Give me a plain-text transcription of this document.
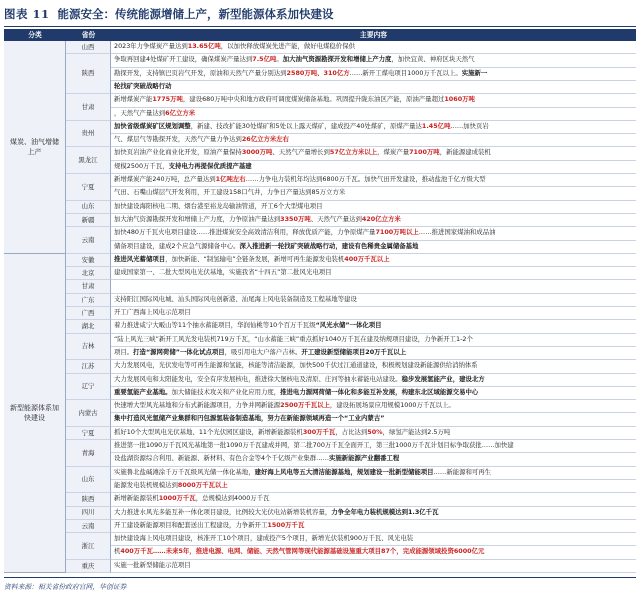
图表 11 能源安全：传统能源增储上产，新型能源体系加快建设
分类	省份	主要内容
煤炭、油气增储上产
新型能源体系加快建设
山西
陕西
甘肃
贵州
黑龙江
宁夏
山东
新疆
云南
安徽
北京
甘肃
广东
广西
湖北
吉林
江苏
辽宁
内蒙古
宁夏
青海
山东
陕西
四川
云南
浙江
重庆
2023年力争煤炭产量达到13.65亿吨，以加快释放煤炭先进产能，做好电煤稳价保供
争取再回建4处煤矿开工建设，确保煤炭产量达到7.5亿吨。加大油气资源勘探开发和增储上产力度，加快宜黄、神府区块天然气
勘探开发，支持镇巴页岩气开发，原油和天然气产量分别达到2580万吨、310亿方……新开工煤电项目1000万千瓦以上。实施新一
轮找矿突破战略行动
新增煤炭产能1775万吨，建设680万吨中央和地方政府可调度煤炭储备基地。巩固提升陇东油区产能，原油产量超过1060万吨
，天然气产量达到6亿立方米
加快省级煤炭矿区规划调整，新建、技改扩能30处煤矿和5处以上露天煤矿，建成投产40处煤矿，原煤产量达1.45亿吨……加快页岩
气、煤层气等勘探开发，天然气产量力争达到26亿立方米左右
加快页岩油产业化商业化开发，原油产量保持3000万吨、天然气产量增长到57亿立方米以上，煤炭产量7100万吨，新能源建成装机
规模2500万千瓦，支持电力再提保优质提产基建
新增煤炭产能240万吨，总产量达到1亿吨左右……力争电力装机年均达到6800万千瓦。加快气田开发建设，推动盐池千亿方级大型
气田、石嘴山煤层气开发利用，开工建设158口气井，力争日产量达到85万立方米
加快建设海阳核电二期、烟台港至裕龙岛输油管道，开工6个大型煤电项目
加大油气资源勘探开发和增储上产力度，力争原油产量达到3350万吨、天然气产量达到420亿立方米
加快480万千瓦火电项目建设……推进煤炭安全高效清洁利用，释放优质产能，力争原煤产量7100万吨以上……推进国家煤油和成品油
储备项目建设，建成2个应急气源储备中心。深入推进新一轮找矿突破战略行动，建设有色稀贵金属储备基地
推进风光蓄储项目，加快新能、“制氢输电”全链条发展，新增可再生能源发电装机400万千瓦以上
建成国家第一、二批大型风电光伏基地，实施我省“十四五”第二批风光电项目
支持阳江国际风电城、汕头国际风电创新港、汕尾海上风电装备制造及工程基地等建设
开工广西海上风电示范项目
着力推进咸宁大畈山等11个抽水蓄能项目，华润仙桃等10个百万千瓦级“风光水储”一体化项目
“陆上风光三峡”新开工风光发电装机719万千瓦，“山水蓄能三峡”重点抓好1040万千瓦在建及纳规项目建设，力争新开工1-2个
项目。打造“源网荷储”一体化试点项目，吸引用电大户落户吉林。开工建设新型储能项目20万千瓦以上
大力发展风电，光伏发电等可再生能源和氢能，核能等清洁能源，加快500千伏过江通道建设，积极规划建设新能源供给消纳体系
大力发展风电和太阳能发电，安全有序发展核电，推进徐大堡核电及清原、庄河等抽水蓄能电站建设。稳步发展氢能产业，建设北方
重要氢能产业基地。加大储能技术攻关和产业化应用力度，推进电力源网荷储一体化和多能互补发展，构建东北区域能源交易中心
快速增大型风光基地和分布式新能源项目，力争并网新能源2500万千瓦以上，建设拓展场景应用规模1000万千瓦以上。
集中打造风光氢储产业集群和円包源氢装备制造基地，努力在新能源领域再造一个“工业内蒙古”
抓好10个大型风电光伏基地、11个光伏园区建设，新增新能源装机300万千瓦，占比达到50%，绿氢产能达到2.5万吨
推进第一批1090万千瓦风光基地第一批1090万千瓦建成并网，第二批700万千瓦全面开工，第三批1000万千瓦计划目标争取获批……加快建
设盐湖资源综合利用、新能源、新材料、有色合金等4个千亿级产业集群……实施新能源产业翻番工程
实施鲁北盐碱滩涂千万千瓦级风光储一体化基地，建好海上风电等五大清洁能源基地，规划建设一批新型储能项目……新能源和可再生
能源发电装机规模达到8000万千瓦以上
新增新能源装机1000万千瓦，总规模达到4000万千瓦
大力推进水风光多能互补一体化项目建设，比例较大光伏电站新增装机容量，力争全年电力装机规模达到1.3亿千瓦
开工建设新能源项目和配套送出工程建设，力争新开工1500万千瓦
加快建设海上风电项目建设，核准开工10个项目，建成投产5个项目，新增光伏装机900万千瓦、风光电装
机400万千瓦……未来5年，推进电源、电网、储能、天然气管网等现代能源基础设施重大项目87个，完成能源领域投资6000亿元
实施一批新型储能示范项目
资料来源：相关省份政府官网，华创证券
